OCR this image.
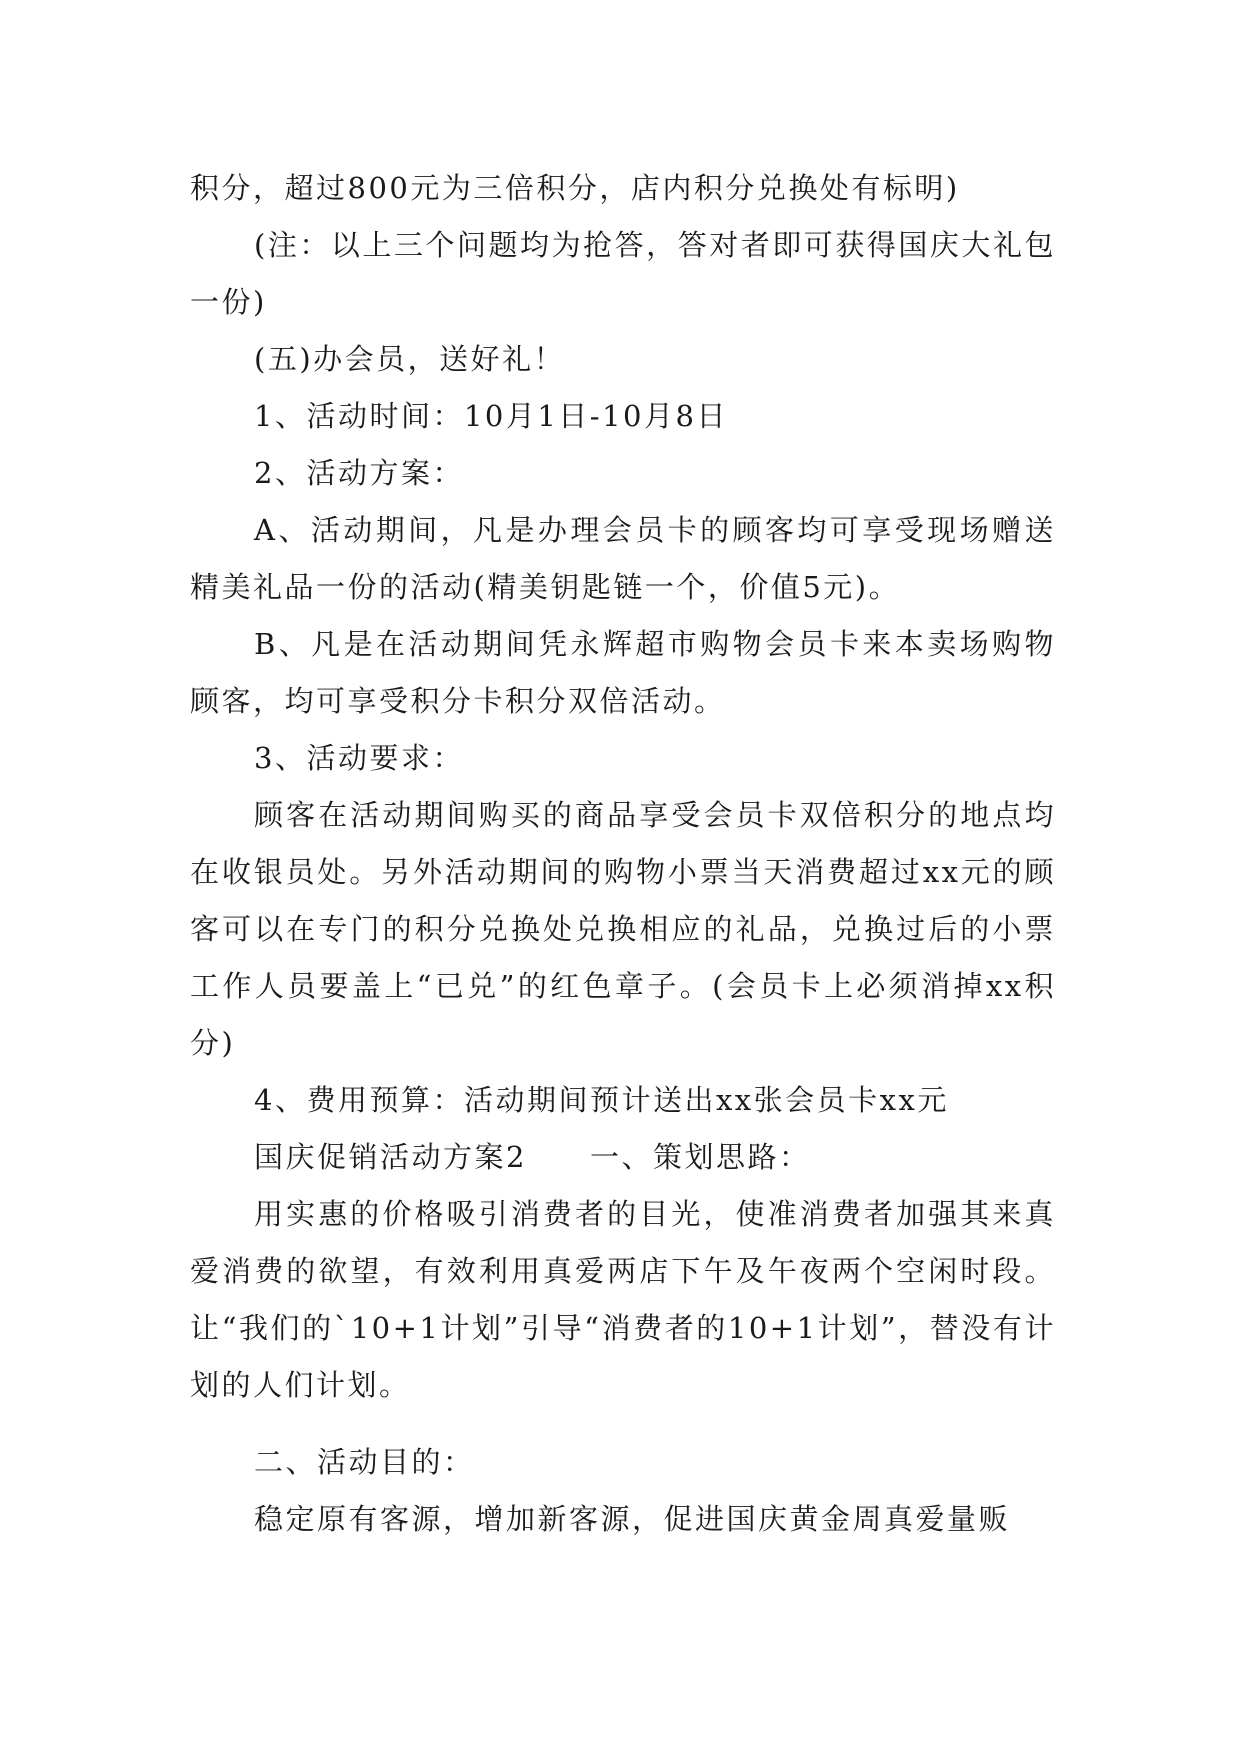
积分，超过800元为三倍积分，店内积分兑换处有标明)

(注：以上三个问题均为抢答，答对者即可获得国庆大礼包一份)

(五)办会员，送好礼！

1、活动时间：10月1日-10月8日

2、活动方案：

A、活动期间，凡是办理会员卡的顾客均可享受现场赠送精美礼品一份的活动(精美钥匙链一个，价值5元)。

B、凡是在活动期间凭永辉超市购物会员卡来本卖场购物顾客，均可享受积分卡积分双倍活动。

3、活动要求：

顾客在活动期间购买的商品享受会员卡双倍积分的地点均在收银员处。另外活动期间的购物小票当天消费超过xx元的顾客可以在专门的积分兑换处兑换相应的礼品，兑换过后的小票工作人员要盖上“已兑”的红色章子。(会员卡上必须消掉xx积分)

4、费用预算：活动期间预计送出xx张会员卡xx元

国庆促销活动方案2　　一、策划思路：

用实惠的价格吸引消费者的目光，使准消费者加强其来真爱消费的欲望，有效利用真爱两店下午及午夜两个空闲时段。让“我们的`10+1计划”引导“消费者的10+1计划”，替没有计划的人们计划。

二、活动目的：

稳定原有客源，增加新客源，促进国庆黄金周真爱量贩
